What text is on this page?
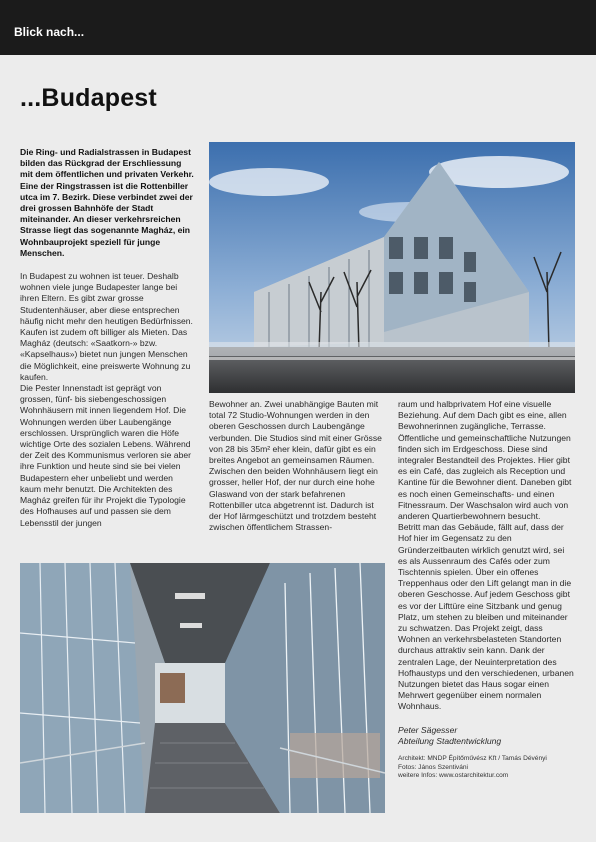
Blick nach...
...Budapest

Die Ring- und Radialstrassen in Budapest bilden das Rückgrad der Erschliessung mit dem öffentlichen und privaten Verkehr. Eine der Ringstrassen ist die Rottenbiller utca im 7. Bezirk. Diese verbindet zwei der drei grossen Bahnhöfe der Stadt miteinander. An dieser verkehrsreichen Strasse liegt das sogenannte Magház, ein Wohnbauprojekt speziell für junge Menschen.

In Budapest zu wohnen ist teuer. Deshalb wohnen viele junge Budapester lange bei ihren Eltern. Es gibt zwar grosse Studentenhäuser, aber diese entsprechen häufig nicht mehr den heutigen Bedürfnissen. Kaufen ist zudem oft billiger als Mieten. Das Magház (deutsch: «Saatkorn-» bzw. «Kapselhaus») bietet nun jungen Menschen die Möglichkeit, eine preiswerte Wohnung zu kaufen.

Die Pester Innenstadt ist geprägt von grossen, fünf- bis siebengeschossigen Wohnhäusern mit innen liegendem Hof. Die Wohnungen werden über Laubengänge erschlossen. Ursprünglich waren die Höfe wichtige Orte des sozialen Lebens. Während der Zeit des Kommunismus verloren sie aber ihre Funktion und heute sind sie bei vielen Budapestern eher unbeliebt und werden kaum mehr benutzt. Die Architekten des Magház greifen für ihr Projekt die Typologie des Hofhauses auf und passen sie dem Lebensstil der jungen

Bewohner an. Zwei unabhängige Bauten mit total 72 Studio-Wohnungen werden in den oberen Geschossen durch Laubengänge verbunden. Die Studios sind mit einer Grösse von 28 bis 35m² eher klein, dafür gibt es ein breites Angebot an gemeinsamen Räumen.

Zwischen den beiden Wohnhäusern liegt ein grosser, heller Hof, der nur durch eine hohe Glaswand von der stark befahrenen Rottenbiller utca abgetrennt ist. Dadurch ist der Hof lärmgeschützt und trotzdem besteht zwischen öffentlichem Strassen-

raum und halbprivatem Hof eine visuelle Beziehung. Auf dem Dach gibt es eine, allen Bewohnerinnen zugängliche, Terrasse. Öffentliche und gemeinschaftliche Nutzungen finden sich im Erdgeschoss. Diese sind integraler Bestandteil des Projektes. Hier gibt es ein Café, das zugleich als Reception und Kantine für die Bewohner dient. Daneben gibt es noch einen Gemeinschafts- und einen Fitnessraum. Der Waschsalon wird auch von anderen Quartierbewohnern besucht.

Betritt man das Gebäude, fällt auf, dass der Hof hier im Gegensatz zu den Gründerzeitbauten wirklich genutzt wird, sei es als Aussenraum des Cafés oder zum Tischtennis spielen. Über ein offenes Treppenhaus oder den Lift gelangt man in die oberen Geschosse. Auf jedem Geschoss gibt es vor der Lifttüre eine Sitzbank und genug Platz, um stehen zu bleiben und miteinander zu schwatzen. Das Projekt zeigt, dass Wohnen an verkehrsbelasteten Standorten durchaus attraktiv sein kann. Dank der zentralen Lage, der Neuinterpretation des Hofhaustyps und den verschiedenen, urbanen Nutzungen bietet das Haus sogar einen Mehrwert gegenüber einem normalen Wohnhaus.

Peter Sägesser
Abteilung Stadtentwicklung

Architekt: MNDP Építőművész Kft / Tamás Dévényi
Fotos: János Szentiváni
weitere Infos: www.ostarchitektur.com
